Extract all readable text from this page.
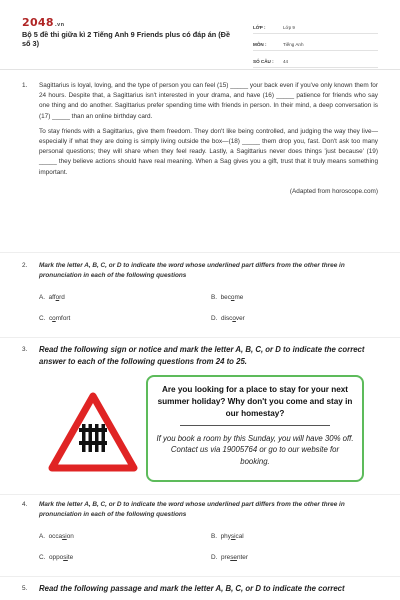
2048.vn
Bộ 5 đề thi giữa kì 2 Tiếng Anh 9 Friends plus có đáp án (Đề số 3)
LỚP :	Lớp 9
MÔN :	Tiếng Anh
SỐ CÂU :	44
1. Sagittarius is loyal, loving, and the type of person you can feel (15) _____ your back even if you've only known them for 24 hours. Despite that, a Sagittarius isn't interested in your drama, and have (16) _____ patience for friends who say one thing and do another. Sagittarius prefer spending time with friends in person. In their mind, a deep conversation is (17) _____ than an online birthday card.

To stay friends with a Sagittarius, give them freedom. They don't like being controlled, and judging the way they live—especially if what they are doing is simply living outside the box—(18) _____ them drop you, fast. Don't ask too many personal questions; they will share when they feel ready. Lastly, a Sagittarius never does things 'just because' (19) _____ they believe actions should have real meaning. When a Sag gives you a gift, trust that it truly means something important.

(Adapted from horoscope.com)

2. Mark the letter A, B, C, or D to indicate the word whose underlined part differs from the other three in pronunciation in each of the following questions

A. afford	B. become
C. comfort	D. discover
3. Read the following sign or notice and mark the letter A, B, C, or D to indicate the correct answer to each of the following questions from 24 to 25.

Are you looking for a place to stay for your next summer holiday? Why don't you come and stay in our homestay?

If you book a room by this Sunday, you will have 30% off. Contact us via 19005764 or go to our website for booking.

4. Mark the letter A, B, C, or D to indicate the word whose underlined part differs from the other three in pronunciation in each of the following questions

A. occasion	B. physical
C. opposite	D. presenter
5. Read the following passage and mark the letter A, B, C, or D to indicate the correct
